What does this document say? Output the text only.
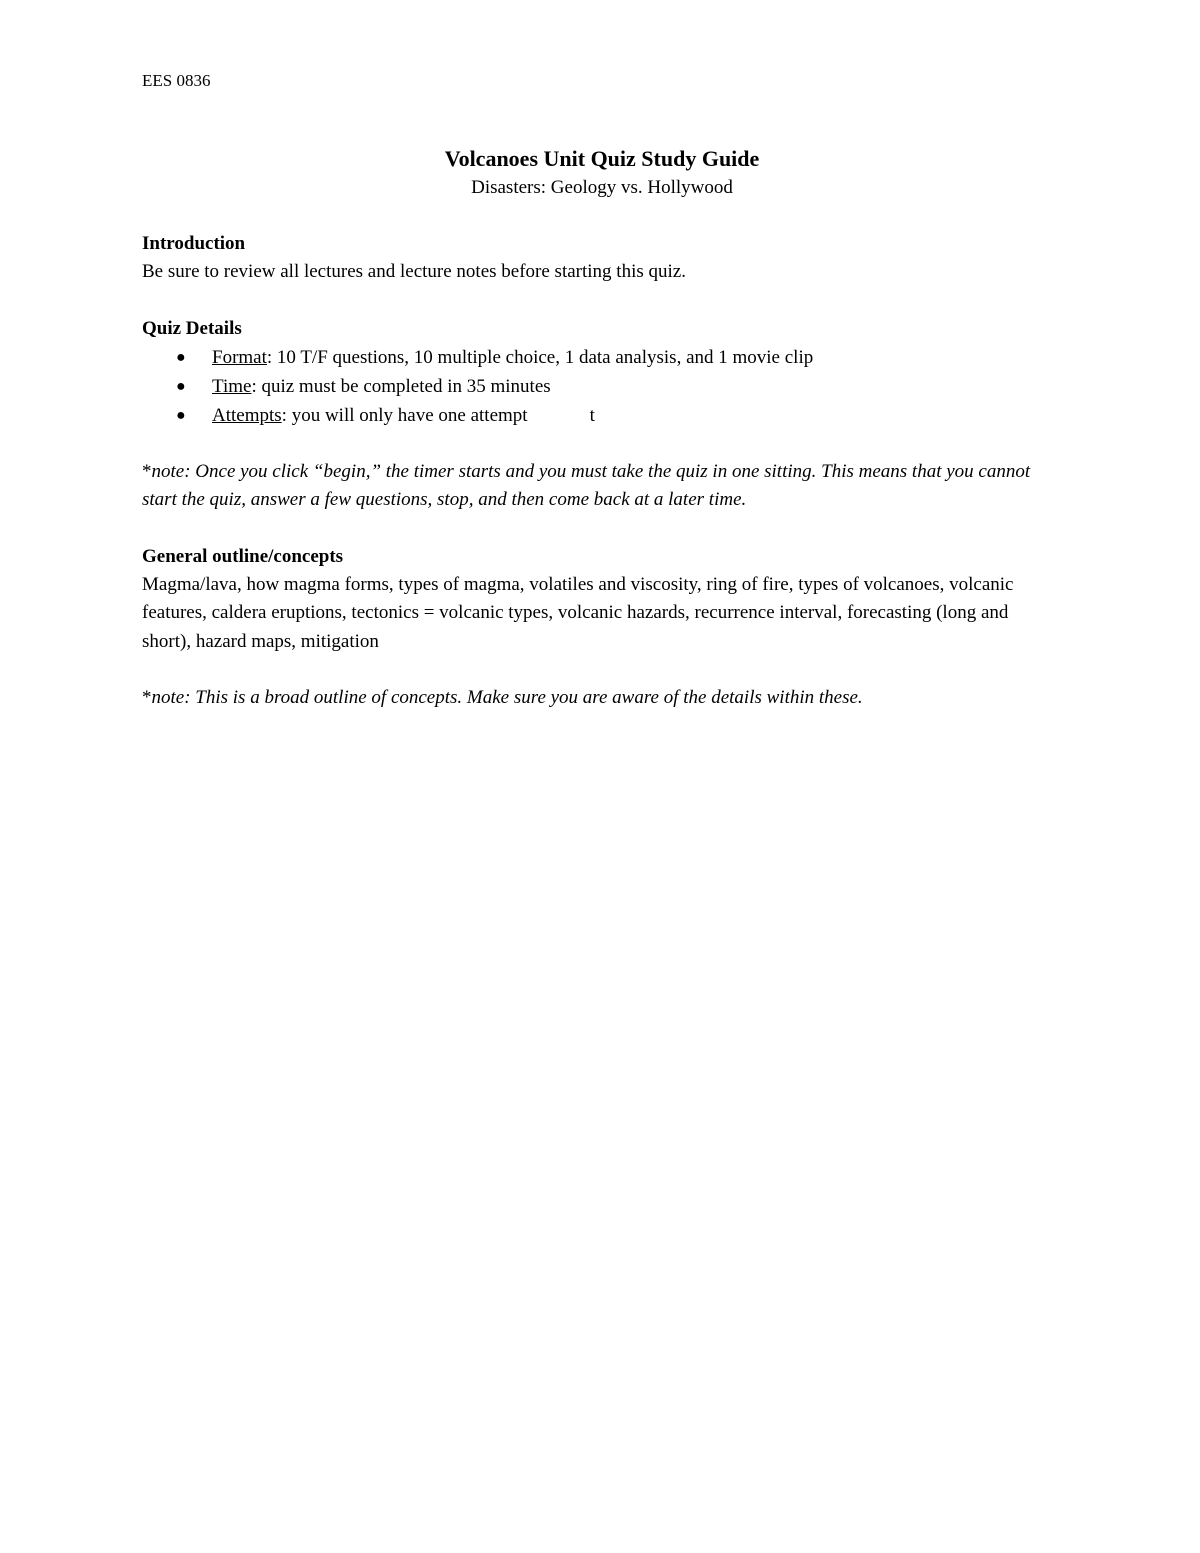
EES 0836

Volcanoes Unit Quiz Study Guide

Disasters: Geology vs. Hollywood

Introduction

Be sure to review all lectures and lecture notes before starting this quiz.

Quiz Details

● Format: 10 T/F questions, 10 multiple choice, 1 data analysis, and 1 movie clip
● Time: quiz must be completed in 35 minutes
● Attempts: you will only have one attempt	t

*note: Once you click “begin,” the timer starts and you must take the quiz in one sitting. This means that you cannot start the quiz, answer a few questions, stop, and then come back at a later time.

General outline/concepts

Magma/lava, how magma forms, types of magma, volatiles and viscosity, ring of fire, types of volcanoes, volcanic features, caldera eruptions, tectonics = volcanic types, volcanic hazards, recurrence interval, forecasting (long and short), hazard maps, mitigation

*note: This is a broad outline of concepts. Make sure you are aware of the details within these.
